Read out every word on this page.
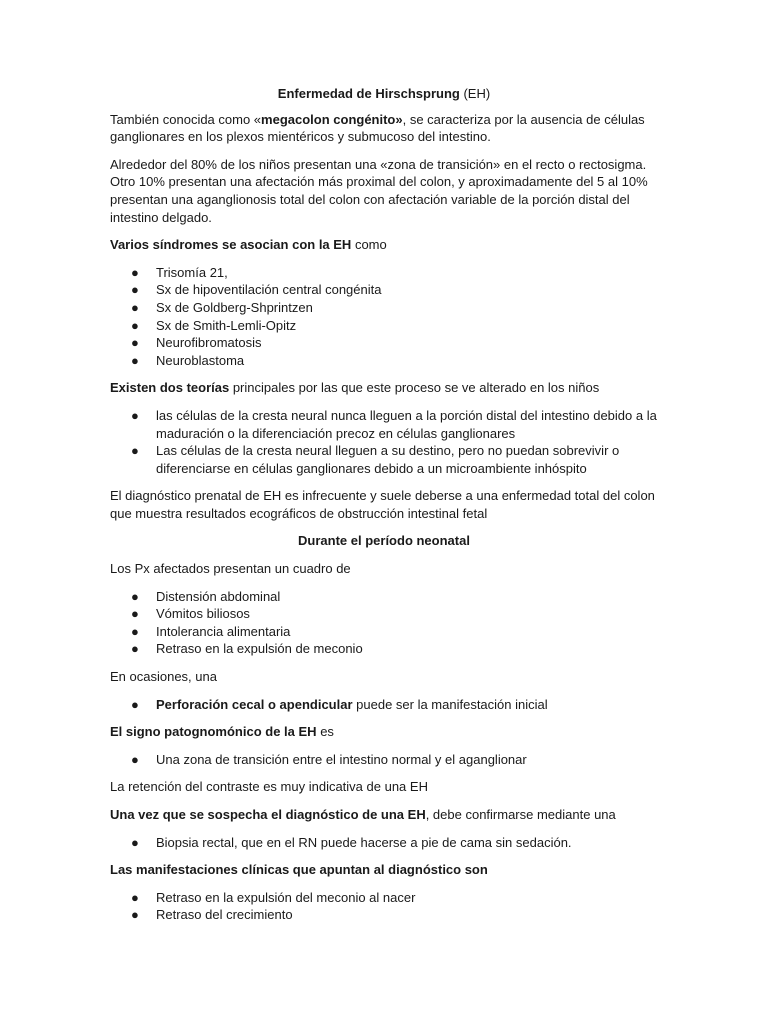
Enfermedad de Hirschsprung (EH)

También conocida como «megacolon congénito», se caracteriza por la ausencia de células ganglionares en los plexos mientéricos y submucoso del intestino.

Alrededor del 80% de los niños presentan una «zona de transición» en el recto o rectosigma. Otro 10% presentan una afectación más proximal del colon, y aproximadamente del 5 al 10% presentan una aganglionosis total del colon con afectación variable de la porción distal del intestino delgado.

Varios síndromes se asocian con la EH como

● Trisomía 21,
● Sx de hipoventilación central congénita
● Sx de Goldberg-Shprintzen
● Sx de Smith-Lemli-Opitz
● Neurofibromatosis
● Neuroblastoma

Existen dos teorías principales por las que este proceso se ve alterado en los niños

● las células de la cresta neural nunca lleguen a la porción distal del intestino debido a la maduración o la diferenciación precoz en células ganglionares
● Las células de la cresta neural lleguen a su destino, pero no puedan sobrevivir o diferenciarse en células ganglionares debido a un microambiente inhóspito

El diagnóstico prenatal de EH es infrecuente y suele deberse a una enfermedad total del colon que muestra resultados ecográficos de obstrucción intestinal fetal

Durante el período neonatal

Los Px afectados presentan un cuadro de

● Distensión abdominal
● Vómitos biliosos
● Intolerancia alimentaria
● Retraso en la expulsión de meconio

En ocasiones, una

● Perforación cecal o apendicular puede ser la manifestación inicial

El signo patognomónico de la EH es

● Una zona de transición entre el intestino normal y el aganglionar

La retención del contraste es muy indicativa de una EH

Una vez que se sospecha el diagnóstico de una EH, debe confirmarse mediante una

● Biopsia rectal, que en el RN puede hacerse a pie de cama sin sedación.

Las manifestaciones clínicas que apuntan al diagnóstico son

● Retraso en la expulsión del meconio al nacer
● Retraso del crecimiento
